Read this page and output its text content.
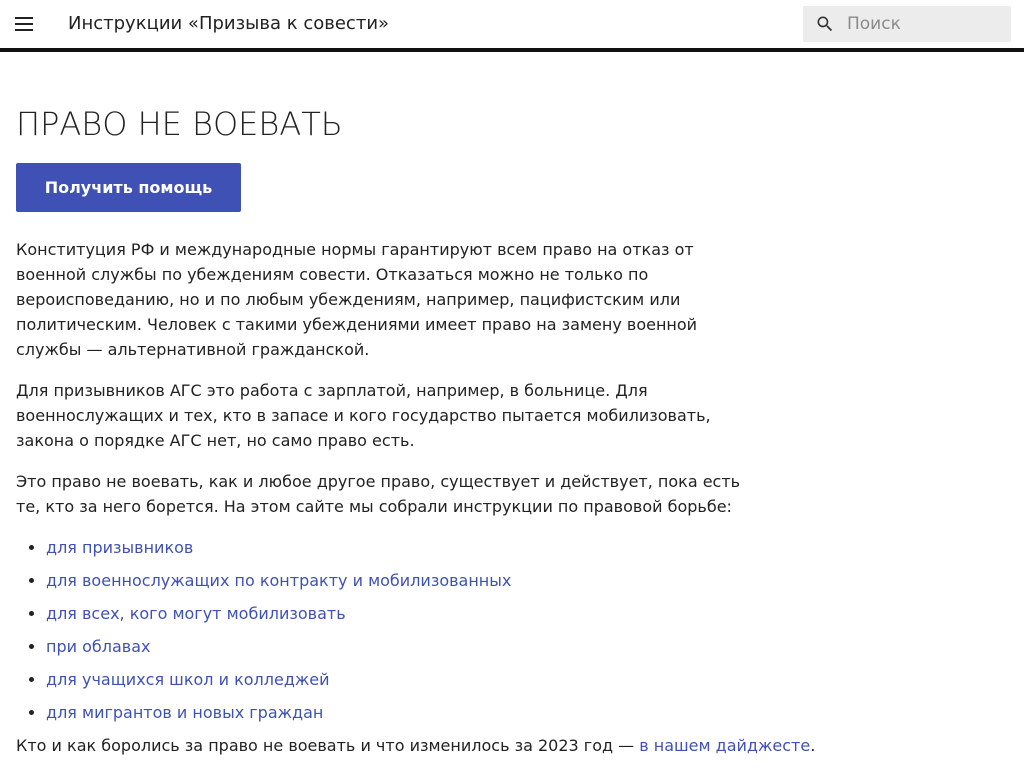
Инструкции «Призыва к совести»
Поиск
ПРАВО НЕ ВОЕВАТЬ
Получить помощь

Конституция РФ и международные нормы гарантируют всем право на отказ от военной службы по убеждениям совести. Отказаться можно не только по вероисповеданию, но и по любым убеждениям, например, пацифистским или политическим. Человек с такими убеждениями имеет право на замену военной службы — альтернативной гражданской.

Для призывников АГС это работа с зарплатой, например, в больнице. Для военнослужащих и тех, кто в запасе и кого государство пытается мобилизовать, закона о порядке АГС нет, но само право есть.

Это право не воевать, как и любое другое право, существует и действует, пока есть те, кто за него борется. На этом сайте мы собрали инструкции по правовой борьбе:

• для призывников
• для военнослужащих по контракту и мобилизованных
• для всех, кого могут мобилизовать
• при облавах
• для учащихся школ и колледжей
• для мигрантов и новых граждан

Кто и как боролись за право не воевать и что изменилось за 2023 год — в нашем дайджесте.
